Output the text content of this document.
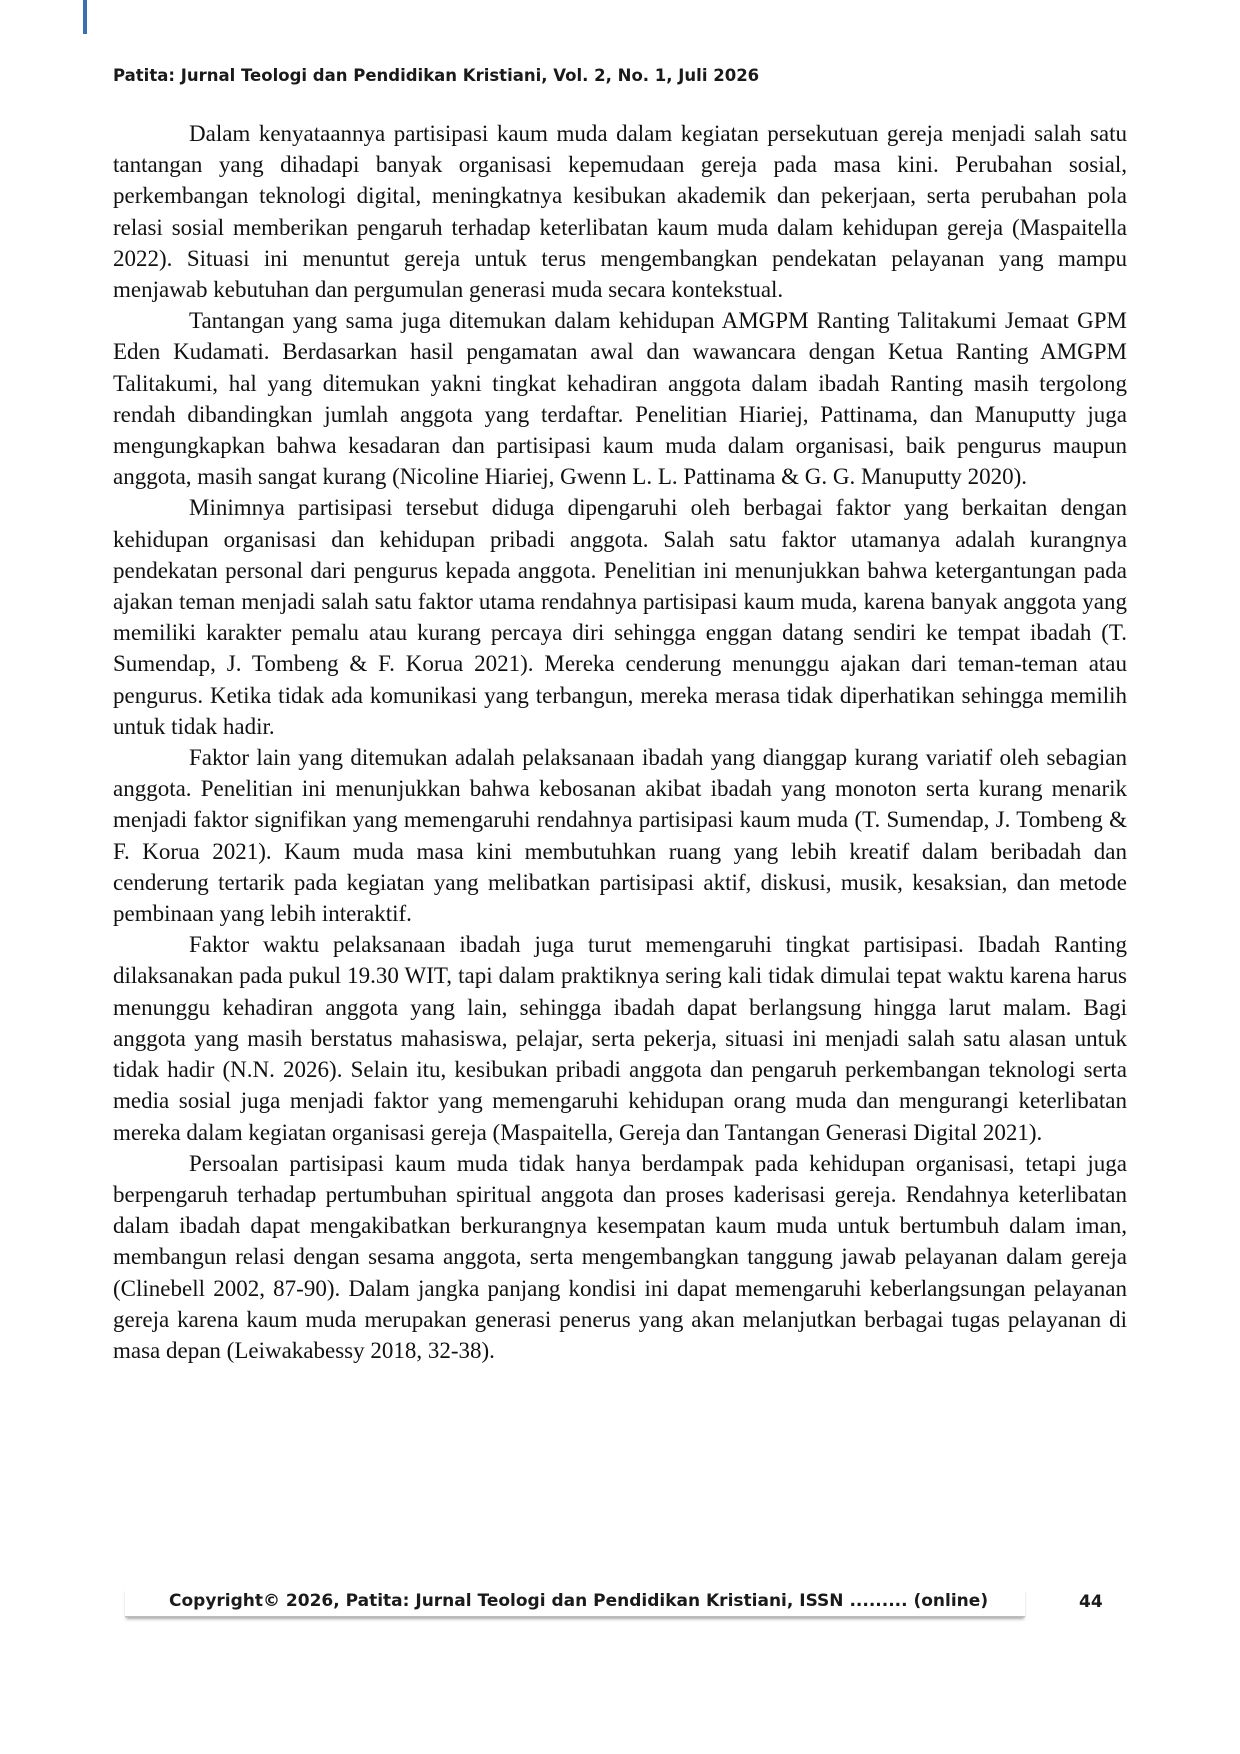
Patita: Jurnal Teologi dan Pendidikan Kristiani, Vol. 2, No. 1, Juli 2026

Dalam kenyataannya partisipasi kaum muda dalam kegiatan persekutuan gereja menjadi salah satu tantangan yang dihadapi banyak organisasi kepemudaan gereja pada masa kini. Perubahan sosial, perkembangan teknologi digital, meningkatnya kesibukan akademik dan pekerjaan, serta perubahan pola relasi sosial memberikan pengaruh terhadap keterlibatan kaum muda dalam kehidupan gereja (Maspaitella 2022). Situasi ini menuntut gereja untuk terus mengembangkan pendekatan pelayanan yang mampu menjawab kebutuhan dan pergumulan generasi muda secara kontekstual.

Tantangan yang sama juga ditemukan dalam kehidupan AMGPM Ranting Talitakumi Jemaat GPM Eden Kudamati. Berdasarkan hasil pengamatan awal dan wawancara dengan Ketua Ranting AMGPM Talitakumi, hal yang ditemukan yakni tingkat kehadiran anggota dalam ibadah Ranting masih tergolong rendah dibandingkan jumlah anggota yang terdaftar. Penelitian Hiariej, Pattinama, dan Manuputty juga mengungkapkan bahwa kesadaran dan partisipasi kaum muda dalam organisasi, baik pengurus maupun anggota, masih sangat kurang (Nicoline Hiariej, Gwenn L. L. Pattinama & G. G. Manuputty 2020).

Minimnya partisipasi tersebut diduga dipengaruhi oleh berbagai faktor yang berkaitan dengan kehidupan organisasi dan kehidupan pribadi anggota. Salah satu faktor utamanya adalah kurangnya pendekatan personal dari pengurus kepada anggota. Penelitian ini menunjukkan bahwa ketergantungan pada ajakan teman menjadi salah satu faktor utama rendahnya partisipasi kaum muda, karena banyak anggota yang memiliki karakter pemalu atau kurang percaya diri sehingga enggan datang sendiri ke tempat ibadah (T. Sumendap, J. Tombeng & F. Korua 2021). Mereka cenderung menunggu ajakan dari teman-teman atau pengurus. Ketika tidak ada komunikasi yang terbangun, mereka merasa tidak diperhatikan sehingga memilih untuk tidak hadir.

Faktor lain yang ditemukan adalah pelaksanaan ibadah yang dianggap kurang variatif oleh sebagian anggota. Penelitian ini menunjukkan bahwa kebosanan akibat ibadah yang monoton serta kurang menarik menjadi faktor signifikan yang memengaruhi rendahnya partisipasi kaum muda (T. Sumendap, J. Tombeng & F. Korua 2021). Kaum muda masa kini membutuhkan ruang yang lebih kreatif dalam beribadah dan cenderung tertarik pada kegiatan yang melibatkan partisipasi aktif, diskusi, musik, kesaksian, dan metode pembinaan yang lebih interaktif.

Faktor waktu pelaksanaan ibadah juga turut memengaruhi tingkat partisipasi. Ibadah Ranting dilaksanakan pada pukul 19.30 WIT, tapi dalam praktiknya sering kali tidak dimulai tepat waktu karena harus menunggu kehadiran anggota yang lain, sehingga ibadah dapat berlangsung hingga larut malam. Bagi anggota yang masih berstatus mahasiswa, pelajar, serta pekerja, situasi ini menjadi salah satu alasan untuk tidak hadir (N.N. 2026). Selain itu, kesibukan pribadi anggota dan pengaruh perkembangan teknologi serta media sosial juga menjadi faktor yang memengaruhi kehidupan orang muda dan mengurangi keterlibatan mereka dalam kegiatan organisasi gereja (Maspaitella, Gereja dan Tantangan Generasi Digital 2021).

Persoalan partisipasi kaum muda tidak hanya berdampak pada kehidupan organisasi, tetapi juga berpengaruh terhadap pertumbuhan spiritual anggota dan proses kaderisasi gereja. Rendahnya keterlibatan dalam ibadah dapat mengakibatkan berkurangnya kesempatan kaum muda untuk bertumbuh dalam iman, membangun relasi dengan sesama anggota, serta mengembangkan tanggung jawab pelayanan dalam gereja (Clinebell 2002, 87-90). Dalam jangka panjang kondisi ini dapat memengaruhi keberlangsungan pelayanan gereja karena kaum muda merupakan generasi penerus yang akan melanjutkan berbagai tugas pelayanan di masa depan (Leiwakabessy 2018, 32-38).

Copyright© 2026, Patita: Jurnal Teologi dan Pendidikan Kristiani, ISSN ......... (online)	44
